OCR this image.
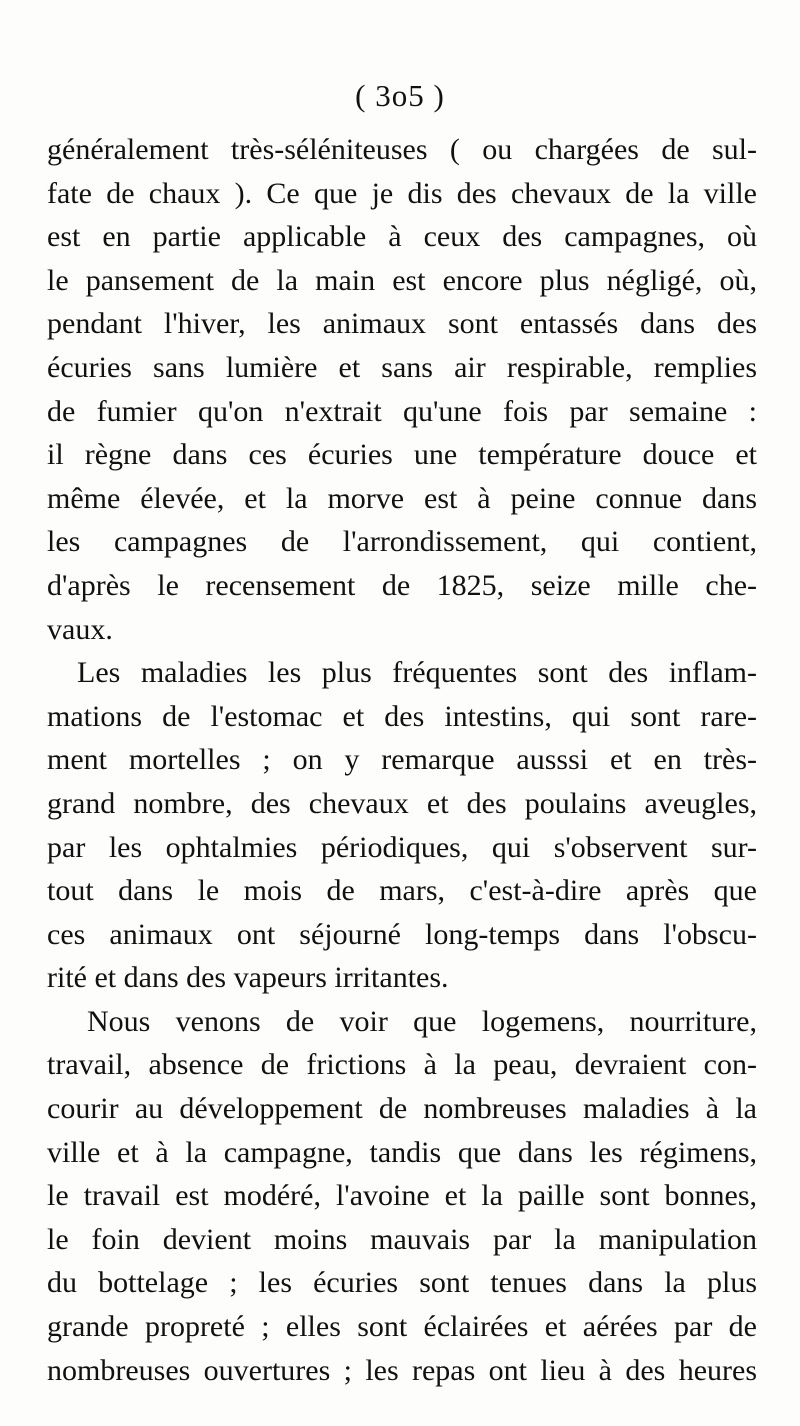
( 3o5 )
généralement très-séléniteuses ( ou chargées de sul-
fate de chaux ). Ce que je dis des chevaux de la ville
est en partie applicable à ceux des campagnes, où
le pansement de la main est encore plus négligé, où,
pendant l'hiver, les animaux sont entassés dans des
écuries sans lumière et sans air respirable, remplies
de fumier qu'on n'extrait qu'une fois par semaine :
il règne dans ces écuries une température douce et
même élevée, et la morve est à peine connue dans
les campagnes de l'arrondissement, qui contient,
d'après le recensement de 1825, seize mille che-
vaux.
Les maladies les plus fréquentes sont des inflam-
mations de l'estomac et des intestins, qui sont rare-
ment mortelles ; on y remarque ausssi et en très-
grand nombre, des chevaux et des poulains aveugles,
par les ophtalmies périodiques, qui s'observent sur-
tout dans le mois de mars, c'est-à-dire après que
ces animaux ont séjourné long-temps dans l'obscu-
rité et dans des vapeurs irritantes.
Nous venons de voir que logemens, nourriture,
travail, absence de frictions à la peau, devraient con-
courir au développement de nombreuses maladies à la
ville et à la campagne, tandis que dans les régimens,
le travail est modéré, l'avoine et la paille sont bonnes,
le foin devient moins mauvais par la manipulation
du bottelage ; les écuries sont tenues dans la plus
grande propreté ; elles sont éclairées et aérées par de
nombreuses ouvertures ; les repas ont lieu à des heures
